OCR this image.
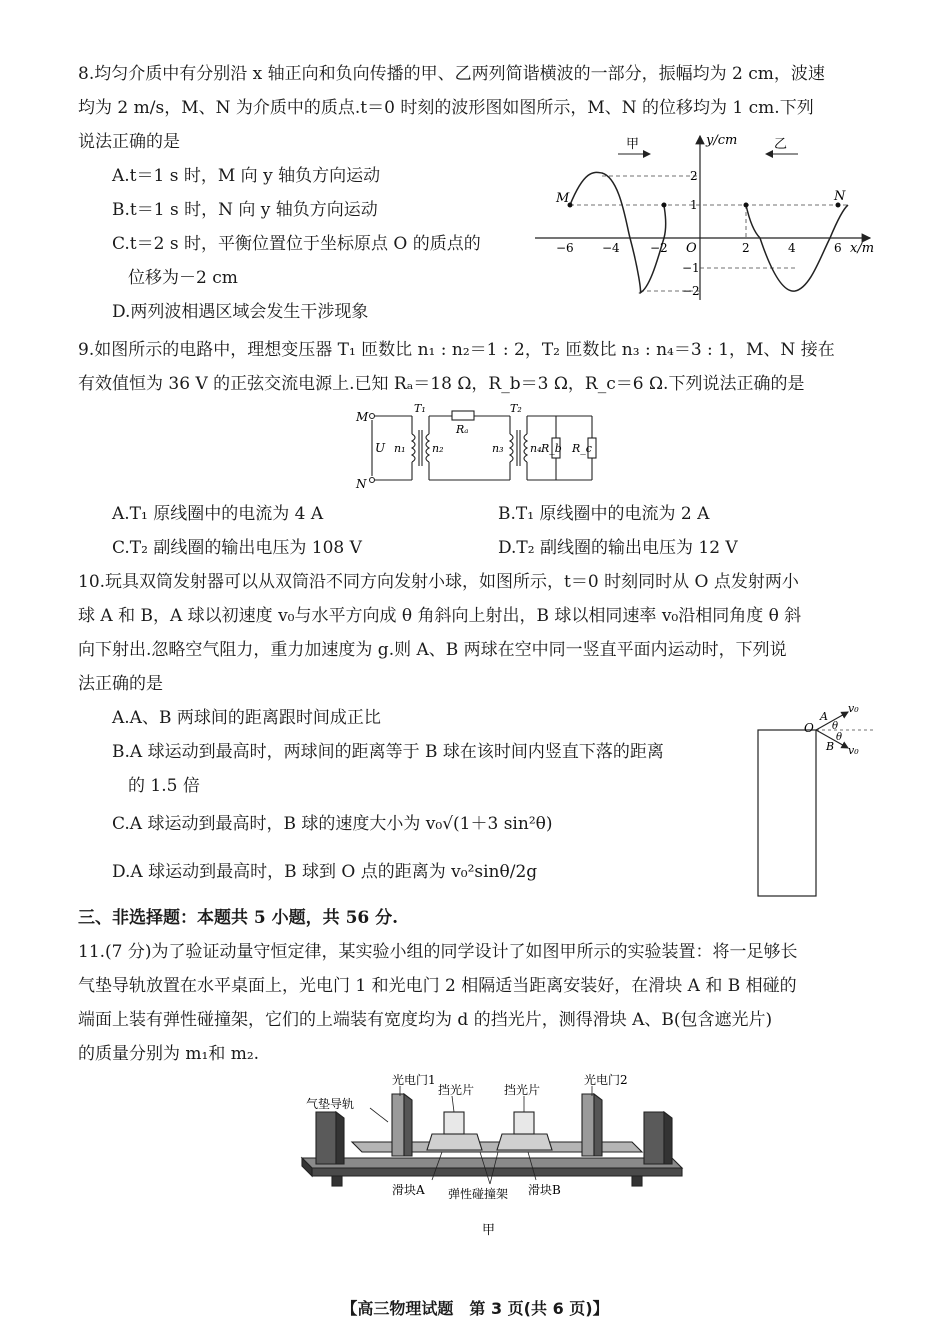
8.均匀介质中有分别沿 x 轴正向和负向传播的甲、乙两列简谐横波的一部分，振幅均为 2 cm，波速
均为 2 m/s，M、N 为介质中的质点.t＝0 时刻的波形图如图所示，M、N 的位移均为 1 cm.下列
说法正确的是
A.t＝1 s 时，M 向 y 轴负方向运动
B.t＝1 s 时，N 向 y 轴负方向运动
C.t＝2 s 时，平衡位置位于坐标原点 O 的质点的
位移为－2 cm
D.两列波相遇区域会发生干涉现象
甲	乙
y/cm
x/m
M	N
O
−6 −4	−2	2	4	6
2
1
−1
−2
9.如图所示的电路中，理想变压器 T₁ 匝数比 n₁ : n₂＝1 : 2，T₂ 匝数比 n₃ : n₄＝3 : 1，M、N 接在
有效值恒为 36 V 的正弦交流电源上.已知 Rₐ＝18 Ω，R_b＝3 Ω，R_c＝6 Ω.下列说法正确的是
M
N
U
T₁	T₂
n₁ n₂	n₃ n₄
Rₐ
R_b R_c
A.T₁ 原线圈中的电流为 4 A	B.T₁ 原线圈中的电流为 2 A
C.T₂ 副线圈的输出电压为 108 V	D.T₂ 副线圈的输出电压为 12 V
10.玩具双筒发射器可以从双筒沿不同方向发射小球，如图所示，t＝0 时刻同时从 O 点发射两小
球 A 和 B，A 球以初速度 v₀与水平方向成 θ 角斜向上射出，B 球以相同速率 v₀沿相同角度 θ 斜
向下射出.忽略空气阻力，重力加速度为 g.则 A、B 两球在空中同一竖直平面内运动时，下列说
法正确的是
A.A、B 两球间的距离跟时间成正比
B.A 球运动到最高时，两球间的距离等于 B 球在该时间内竖直下落的距离
的 1.5 倍
C.A 球运动到最高时，B 球的速度大小为 v₀√(1＋3 sin²θ)
D.A 球运动到最高时，B 球到 O 点的距离为 v₀²sinθ/2g
O
A
B
v₀
v₀
θ
θ
三、非选择题：本题共 5 小题，共 56 分.
11.(7 分)为了验证动量守恒定律，某实验小组的同学设计了如图甲所示的实验装置：将一足够长
气垫导轨放置在水平桌面上，光电门 1 和光电门 2 相隔适当距离安装好，在滑块 A 和 B 相碰的
端面上装有弹性碰撞架，它们的上端装有宽度均为 d 的挡光片，测得滑块 A、B(包含遮光片)
的质量分别为 m₁和 m₂.
光电门1	光电门2
气垫导轨
挡光片 挡光片
滑块A 弹性碰撞架 滑块B
甲
【高三物理试题　第 3 页(共 6 页)】
